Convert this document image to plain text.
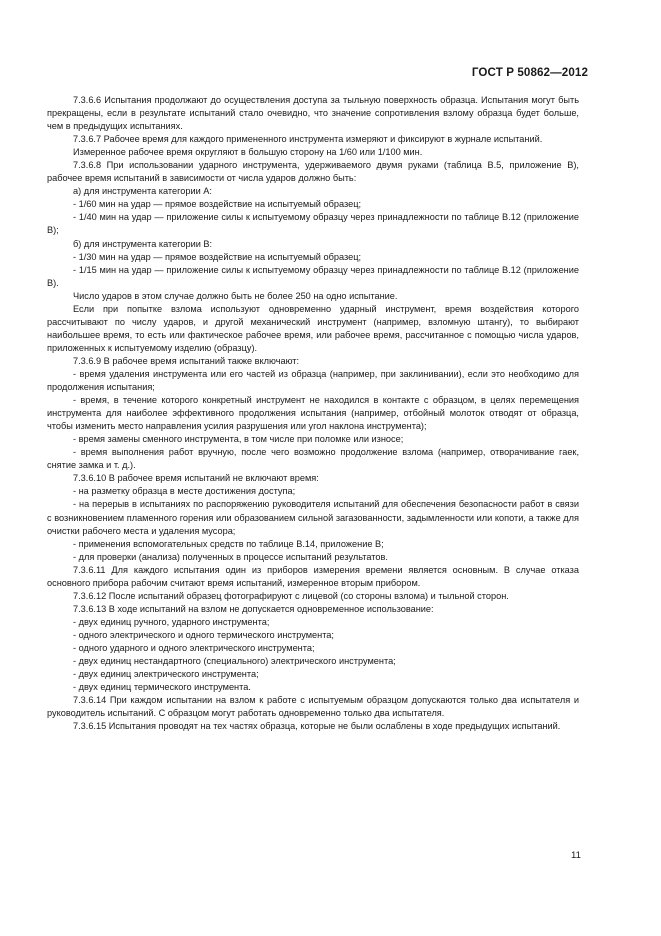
ГОСТ Р 50862—2012

7.3.6.6 Испытания продолжают до осуществления доступа за тыльную поверхность образца. Испытания могут быть прекращены, если в результате испытаний стало очевидно, что значение сопротивления взлому образца будет больше, чем в предыдущих испытаниях.

7.3.6.7 Рабочее время для каждого примененного инструмента измеряют и фиксируют в журнале испытаний.

Измеренное рабочее время округляют в большую сторону на 1/60 или 1/100 мин.

7.3.6.8 При использовании ударного инструмента, удерживаемого двумя руками (таблица В.5, приложение В), рабочее время испытаний в зависимости от числа ударов должно быть:

а) для инструмента категории А:

- 1/60 мин на удар — прямое воздействие на испытуемый образец;

- 1/40 мин на удар — приложение силы к испытуемому образцу через принадлежности по таблице В.12 (приложение В);

б) для инструмента категории В:

- 1/30 мин на удар — прямое воздействие на испытуемый образец;

- 1/15 мин на удар — приложение силы к испытуемому образцу через принадлежности по таблице В.12 (приложение В).

Число ударов в этом случае должно быть не более 250 на одно испытание.

Если при попытке взлома используют одновременно ударный инструмент, время воздействия которого рассчитывают по числу ударов, и другой механический инструмент (например, взломную штангу), то выбирают наибольшее время, то есть или фактическое рабочее время, или рабочее время, рассчитанное с помощью числа ударов, приложенных к испытуемому изделию (образцу).

7.3.6.9 В рабочее время испытаний также включают:

- время удаления инструмента или его частей из образца (например, при заклинивании), если это необходимо для продолжения испытания;

- время, в течение которого конкретный инструмент не находился в контакте с образцом, в целях перемещения инструмента для наиболее эффективного продолжения испытания (например, отбойный молоток отводят от образца, чтобы изменить место направления усилия разрушения или угол наклона инструмента);

- время замены сменного инструмента, в том числе при поломке или износе;

- время выполнения работ вручную, после чего возможно продолжение взлома (например, отворачивание гаек, снятие замка и т. д.).

7.3.6.10 В рабочее время испытаний не включают время:

- на разметку образца в месте достижения доступа;

- на перерыв в испытаниях по распоряжению руководителя испытаний для обеспечения безопасности работ в связи с возникновением пламенного горения или образованием сильной загазованности, задымленности или копоти, а также для очистки рабочего места и удаления мусора;

- применения вспомогательных средств по таблице В.14, приложение В;

- для проверки (анализа) полученных в процессе испытаний результатов.

7.3.6.11 Для каждого испытания один из приборов измерения времени является основным. В случае отказа основного прибора рабочим считают время испытаний, измеренное вторым прибором.

7.3.6.12 После испытаний образец фотографируют с лицевой (со стороны взлома) и тыльной сторон.

7.3.6.13 В ходе испытаний на взлом не допускается одновременное использование:

- двух единиц ручного, ударного инструмента;

- одного электрического и одного термического инструмента;

- одного ударного и одного электрического инструмента;

- двух единиц нестандартного (специального) электрического инструмента;

- двух единиц электрического инструмента;

- двух единиц термического инструмента.

7.3.6.14 При каждом испытании на взлом к работе с испытуемым образцом допускаются только два испытателя и руководитель испытаний. С образцом могут работать одновременно только два испытателя.

7.3.6.15 Испытания проводят на тех частях образца, которые не были ослаблены в ходе предыдущих испытаний.

11
